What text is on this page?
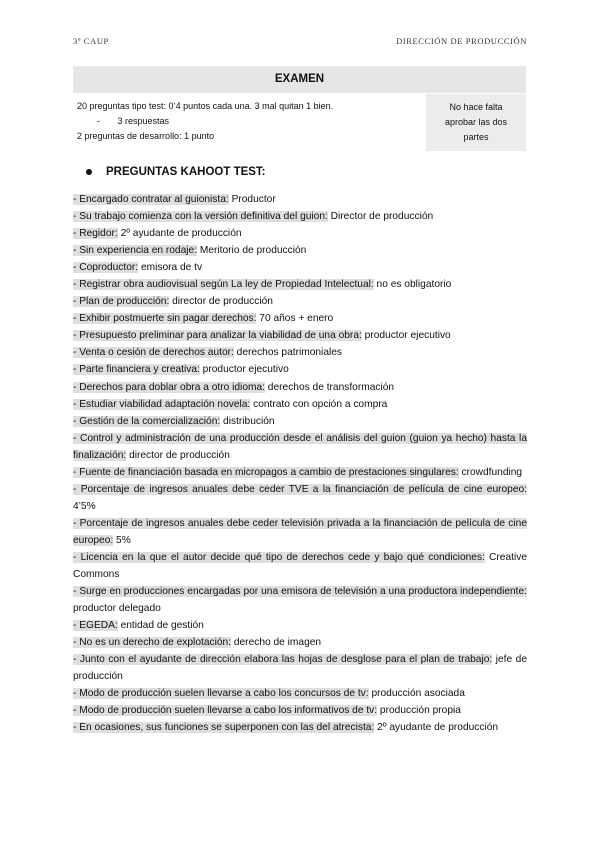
3º CAUP	DIRECCIÓN DE PRODUCCIÓN
EXAMEN
20 preguntas tipo test: 0’4 puntos cada una. 3 mal quitan 1 bien.
-       3 respuestas
2 preguntas de desarrollo: 1 punto
No hace falta
aprobar las dos
partes
PREGUNTAS KAHOOT TEST:
- Encargado contratar al guionista: Productor
- Su trabajo comienza con la versión definitiva del guion: Director de producción
- Regidor: 2º ayudante de producción
- Sin experiencia en rodaje: Meritorio de producción
- Coproductor: emisora de tv
- Registrar obra audiovisual según La ley de Propiedad Intelectual: no es obligatorio
- Plan de producción: director de producción
- Exhibir postmuerte sin pagar derechos: 70 años + enero
- Presupuesto preliminar para analizar la viabilidad de una obra: productor ejecutivo
- Venta o cesión de derechos autor: derechos patrimoniales
- Parte financiera y creativa: productor ejecutivo
- Derechos para doblar obra a otro idioma: derechos de transformación
- Estudiar viabilidad adaptación novela: contrato con opción a compra
- Gestión de la comercialización: distribución
- Control y administración de una producción desde el análisis del guion (guion ya hecho) hasta la finalización: director de producción
- Fuente de financiación basada en micropagos a cambio de prestaciones singulares: crowdfunding
- Porcentaje de ingresos anuales debe ceder TVE a la financiación de película de cine europeo: 4’5%
- Porcentaje de ingresos anuales debe ceder televisión privada a la financiación de película de cine europeo: 5%
- Licencia en la que el autor decide qué tipo de derechos cede y bajo qué condiciones: Creative Commons
- Surge en producciones encargadas por una emisora de televisión a una productora independiente: productor delegado
- EGEDA: entidad de gestión
- No es un derecho de explotación: derecho de imagen
- Junto con el ayudante de dirección elabora las hojas de desglose para el plan de trabajo: jefe de producción
- Modo de producción suelen llevarse a cabo los concursos de tv: producción asociada
- Modo de producción suelen llevarse a cabo los informativos de tv: producción propia
- En ocasiones, sus funciones se superponen con las del atrecista: 2º ayudante de producción
